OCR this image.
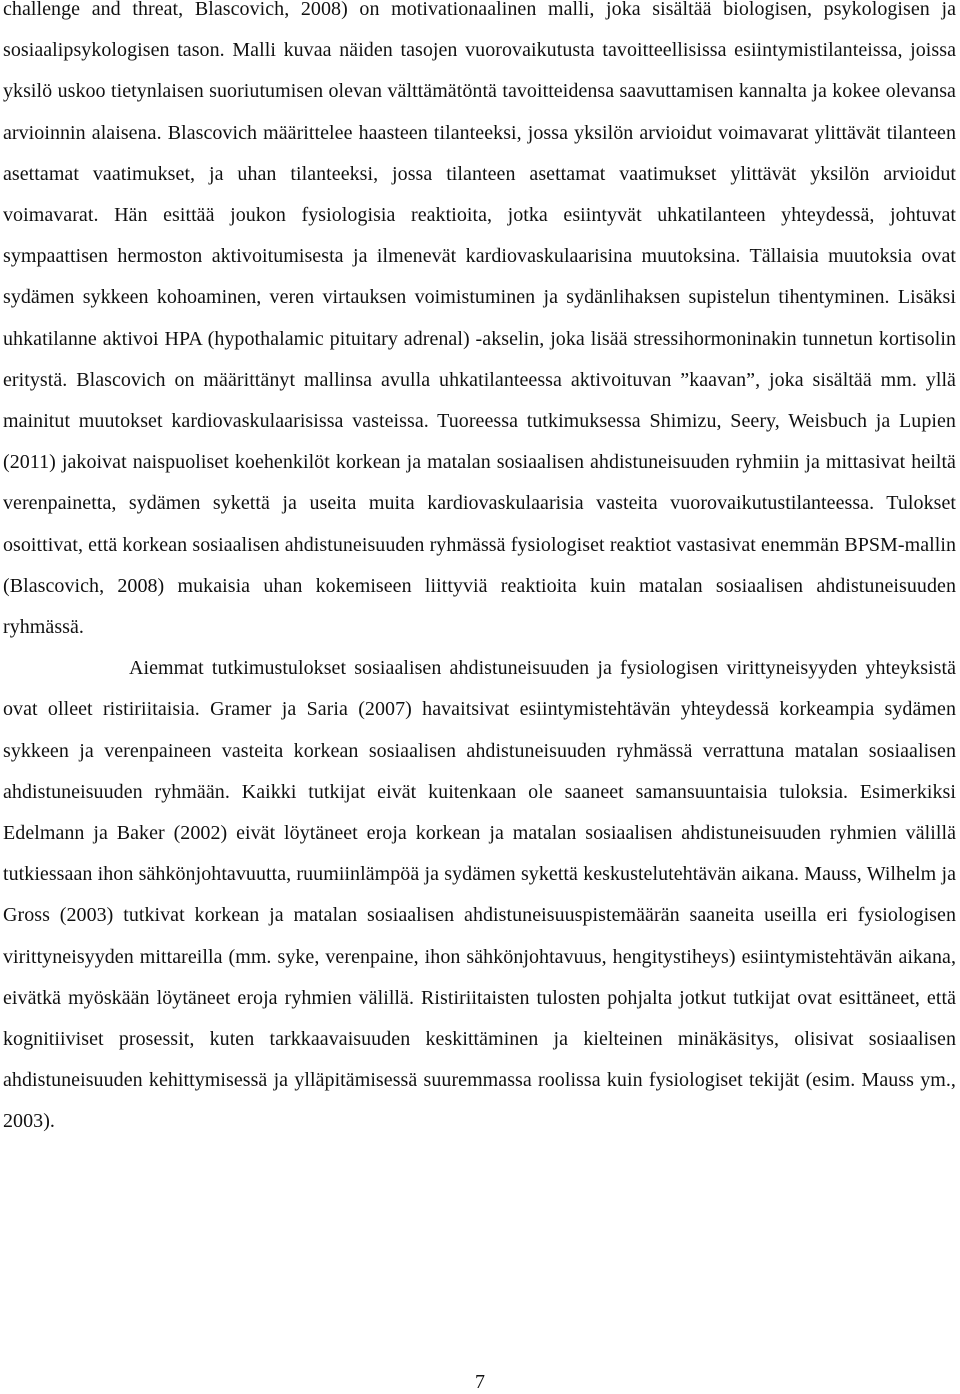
challenge and threat, Blascovich, 2008) on motivationaalinen malli, joka sisältää biologisen, psykologisen ja sosiaalipsykologisen tason. Malli kuvaa näiden tasojen vuorovaikutusta tavoitteellisissa esiintymistilanteissa, joissa yksilö uskoo tietynlaisen suoriutumisen olevan välttämätöntä tavoitteidensa saavuttamisen kannalta ja kokee olevansa arvioinnin alaisena. Blascovich määrittelee haasteen tilanteeksi, jossa yksilön arvioidut voimavarat ylittävät tilanteen asettamat vaatimukset, ja uhan tilanteeksi, jossa tilanteen asettamat vaatimukset ylittävät yksilön arvioidut voimavarat. Hän esittää joukon fysiologisia reaktioita, jotka esiintyvät uhkatilanteen yhteydessä, johtuvat sympaattisen hermoston aktivoitumisesta ja ilmenevät kardiovaskulaarisina muutoksina. Tällaisia muutoksia ovat sydämen sykkeen kohoaminen, veren virtauksen voimistuminen ja sydänlihaksen supistelun tihentyminen. Lisäksi uhkatilanne aktivoi HPA (hypothalamic pituitary adrenal) -akselin, joka lisää stressihormoninakin tunnetun kortisolin eritystä. Blascovich on määrittänyt mallinsa avulla uhkatilanteessa aktivoituvan ”kaavan”, joka sisältää mm. yllä mainitut muutokset kardiovaskulaarisissa vasteissa. Tuoreessa tutkimuksessa Shimizu, Seery, Weisbuch ja Lupien (2011) jakoivat naispuoliset koehenkilöt korkean ja matalan sosiaalisen ahdistuneisuuden ryhmiin ja mittasivat heiltä verenpainetta, sydämen sykettä ja useita muita kardiovaskulaarisia vasteita vuorovaikutustilanteessa. Tulokset osoittivat, että korkean sosiaalisen ahdistuneisuuden ryhmässä fysiologiset reaktiot vastasivat enemmän BPSM-mallin (Blascovich, 2008) mukaisia uhan kokemiseen liittyviä reaktioita kuin matalan sosiaalisen ahdistuneisuuden ryhmässä.

Aiemmat tutkimustulokset sosiaalisen ahdistuneisuuden ja fysiologisen virittyneisyyden yhteyksistä ovat olleet ristiriitaisia. Gramer ja Saria (2007) havaitsivat esiintymistehtävän yhteydessä korkeampia sydämen sykkeen ja verenpaineen vasteita korkean sosiaalisen ahdistuneisuuden ryhmässä verrattuna matalan sosiaalisen ahdistuneisuuden ryhmään. Kaikki tutkijat eivät kuitenkaan ole saaneet samansuuntaisia tuloksia. Esimerkiksi Edelmann ja Baker (2002) eivät löytäneet eroja korkean ja matalan sosiaalisen ahdistuneisuuden ryhmien välillä tutkiessaan ihon sähkönjohtavuutta, ruumiinlämpöä ja sydämen sykettä keskustelutehtävän aikana. Mauss, Wilhelm ja Gross (2003) tutkivat korkean ja matalan sosiaalisen ahdistuneisuuspistemäärän saaneita useilla eri fysiologisen virittyneisyyden mittareilla (mm. syke, verenpaine, ihon sähkönjohtavuus, hengitystiheys) esiintymistehtävän aikana, eivätkä myöskään löytäneet eroja ryhmien välillä. Ristiriitaisten tulosten pohjalta jotkut tutkijat ovat esittäneet, että kognitiiviset prosessit, kuten tarkkaavaisuuden keskittäminen ja kielteinen minäkäsitys, olisivat sosiaalisen ahdistuneisuuden kehittymisessä ja ylläpitämisessä suuremmassa roolissa kuin fysiologiset tekijät (esim. Mauss ym., 2003).

7
